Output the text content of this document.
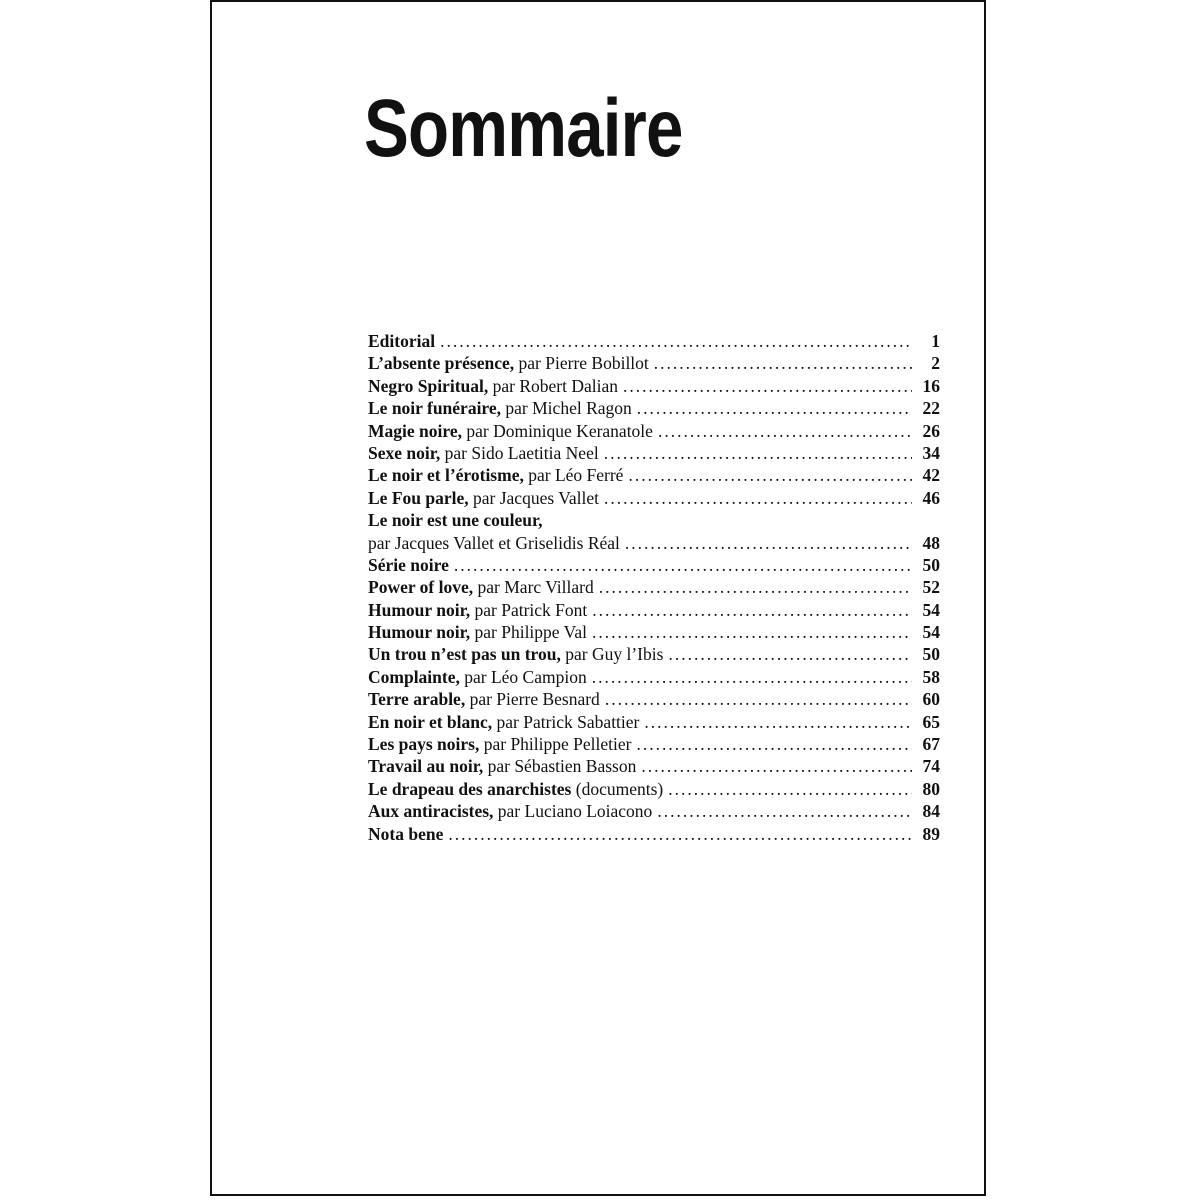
Sommaire
Editorial .....	1
L’absente présence, par Pierre Bobillot .....	2
Negro Spiritual, par Robert Dalian .....	16
Le noir funéraire, par Michel Ragon .....	22
Magie noire, par Dominique Keranatole .....	26
Sexe noir, par Sido Laetitia Neel .....	34
Le noir et l’érotisme, par Léo Ferré .....	42
Le Fou parle, par Jacques Vallet .....	46
Le noir est une couleur,
par Jacques Vallet et Griselidis Réal .....	48
Série noire .....	50
Power of love, par Marc Villard .....	52
Humour noir, par Patrick Font .....	54
Humour noir, par Philippe Val .....	54
Un trou n’est pas un trou, par Guy l’Ibis .....	50
Complainte, par Léo Campion .....	58
Terre arable, par Pierre Besnard .....	60
En noir et blanc, par Patrick Sabattier .....	65
Les pays noirs, par Philippe Pelletier .....	67
Travail au noir, par Sébastien Basson .....	74
Le drapeau des anarchistes (documents) .....	80
Aux antiracistes, par Luciano Loiacono .....	84
Nota bene .....	89
